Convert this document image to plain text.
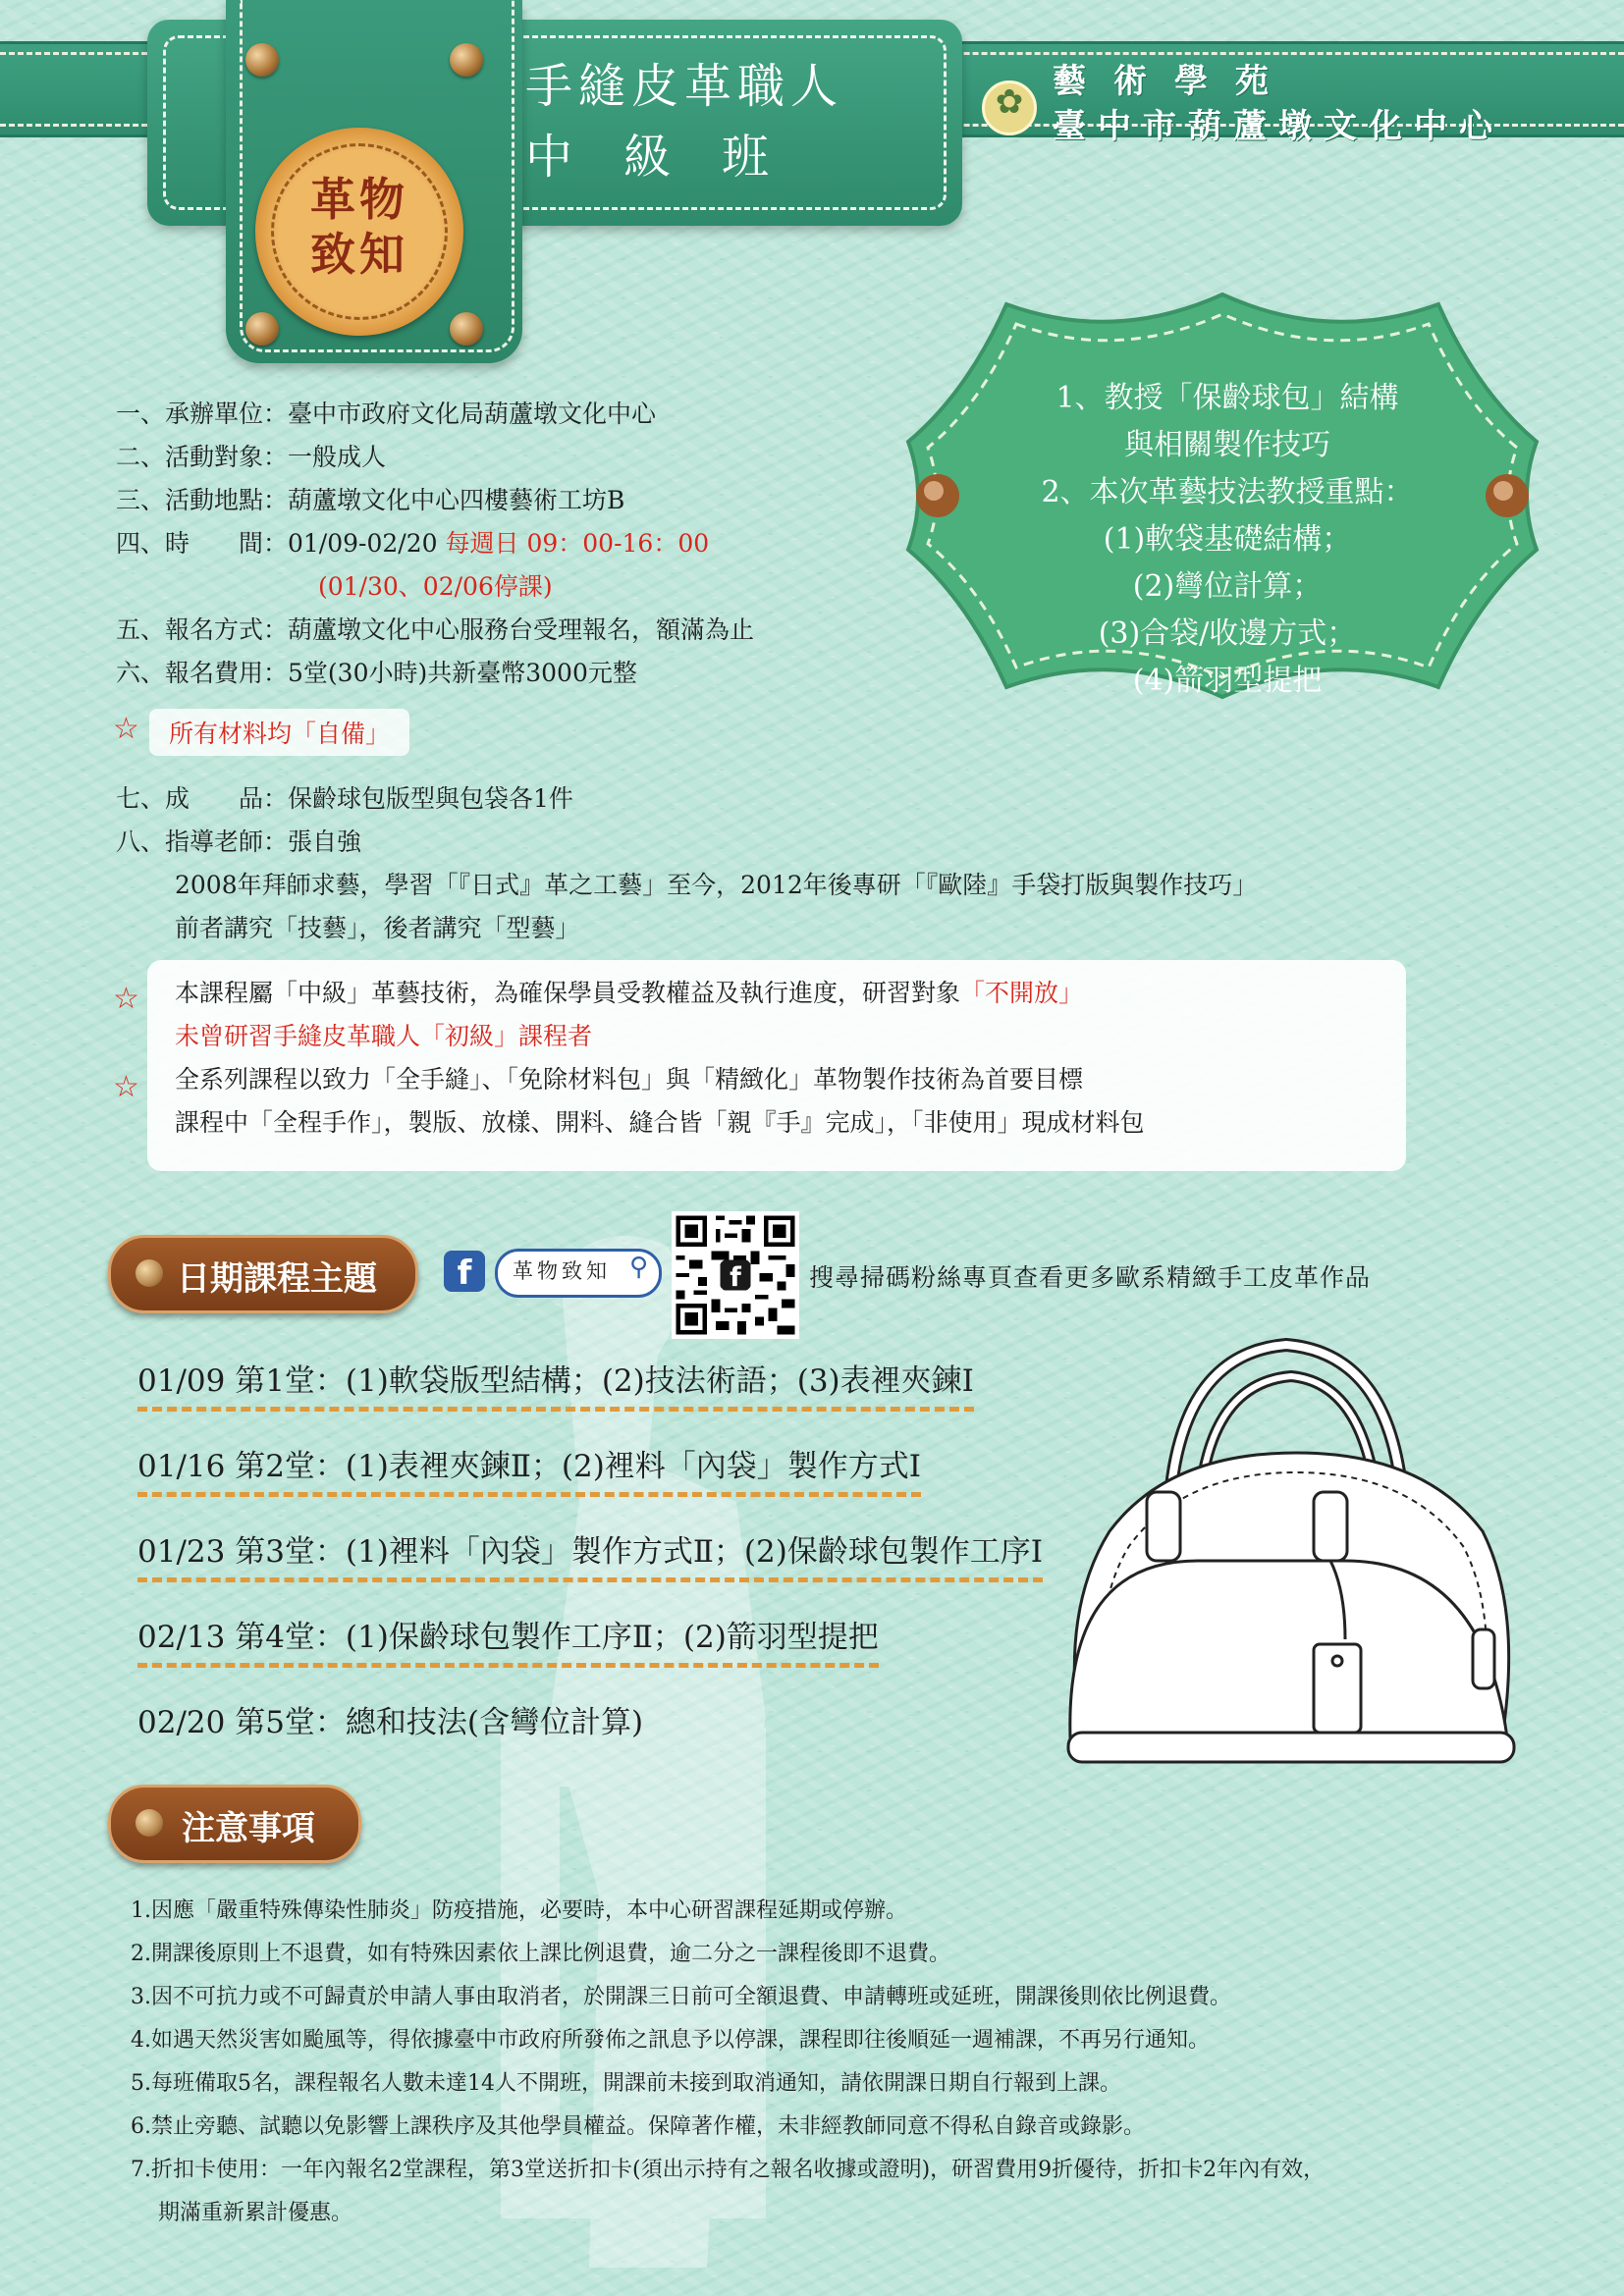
革物致知
手縫皮革職人
中級班
✿
藝術學苑
臺中市葫蘆墩文化中心
1、教授「保齡球包」結構
與相關製作技巧
2、本次革藝技法教授重點：
(1)軟袋基礎結構；
(2)彎位計算；
(3)合袋/收邊方式；
(4)箭羽型提把
一、承辦單位：臺中市政府文化局葫蘆墩文化中心
二、活動對象：一般成人
三、活動地點：葫蘆墩文化中心四樓藝術工坊B
四、時　　間：01/09-02/20 每週日 09：00-16：00
(01/30、02/06停課)
五、報名方式：葫蘆墩文化中心服務台受理報名，額滿為止
六、報名費用：5堂(30小時)共新臺幣3000元整
☆	所有材料均「自備」
七、成　　品：保齡球包版型與包袋各1件
八、指導老師：張自強
2008年拜師求藝，學習「『日式』革之工藝」至今，2012年後專研「『歐陸』手袋打版與製作技巧」
前者講究「技藝」，後者講究「型藝」
☆
☆
本課程屬「中級」革藝技術，為確保學員受教權益及執行進度，研習對象「不開放」
未曾研習手縫皮革職人「初級」課程者
全系列課程以致力「全手縫」、「免除材料包」與「精緻化」革物製作技術為首要目標
課程中「全程手作」，製版、放樣、開料、縫合皆「親『手』完成」，「非使用」現成材料包
日期課程主題	f	革物致知 ⚲	f	搜尋掃碼粉絲專頁查看更多歐系精緻手工皮革作品
01/09 第1堂：(1)軟袋版型結構；(2)技法術語；(3)表裡夾鍊Ⅰ
01/16 第2堂：(1)表裡夾鍊Ⅱ；(2)裡料「內袋」製作方式Ⅰ
01/23 第3堂：(1)裡料「內袋」製作方式Ⅱ；(2)保齡球包製作工序Ⅰ
02/13 第4堂：(1)保齡球包製作工序Ⅱ；(2)箭羽型提把
02/20 第5堂：總和技法(含彎位計算)
注意事項
1.因應「嚴重特殊傳染性肺炎」防疫措施，必要時，本中心研習課程延期或停辦。
2.開課後原則上不退費，如有特殊因素依上課比例退費，逾二分之一課程後即不退費。
3.因不可抗力或不可歸責於申請人事由取消者，於開課三日前可全額退費、申請轉班或延班，開課後則依比例退費。
4.如遇天然災害如颱風等，得依據臺中市政府所發佈之訊息予以停課，課程即往後順延一週補課，不再另行通知。
5.每班備取5名，課程報名人數未達14人不開班，開課前未接到取消通知，請依開課日期自行報到上課。
6.禁止旁聽、試聽以免影響上課秩序及其他學員權益。保障著作權，未非經教師同意不得私自錄音或錄影。
7.折扣卡使用：一年內報名2堂課程，第3堂送折扣卡(須出示持有之報名收據或證明)，研習費用9折優待，折扣卡2年內有效，
期滿重新累計優惠。
